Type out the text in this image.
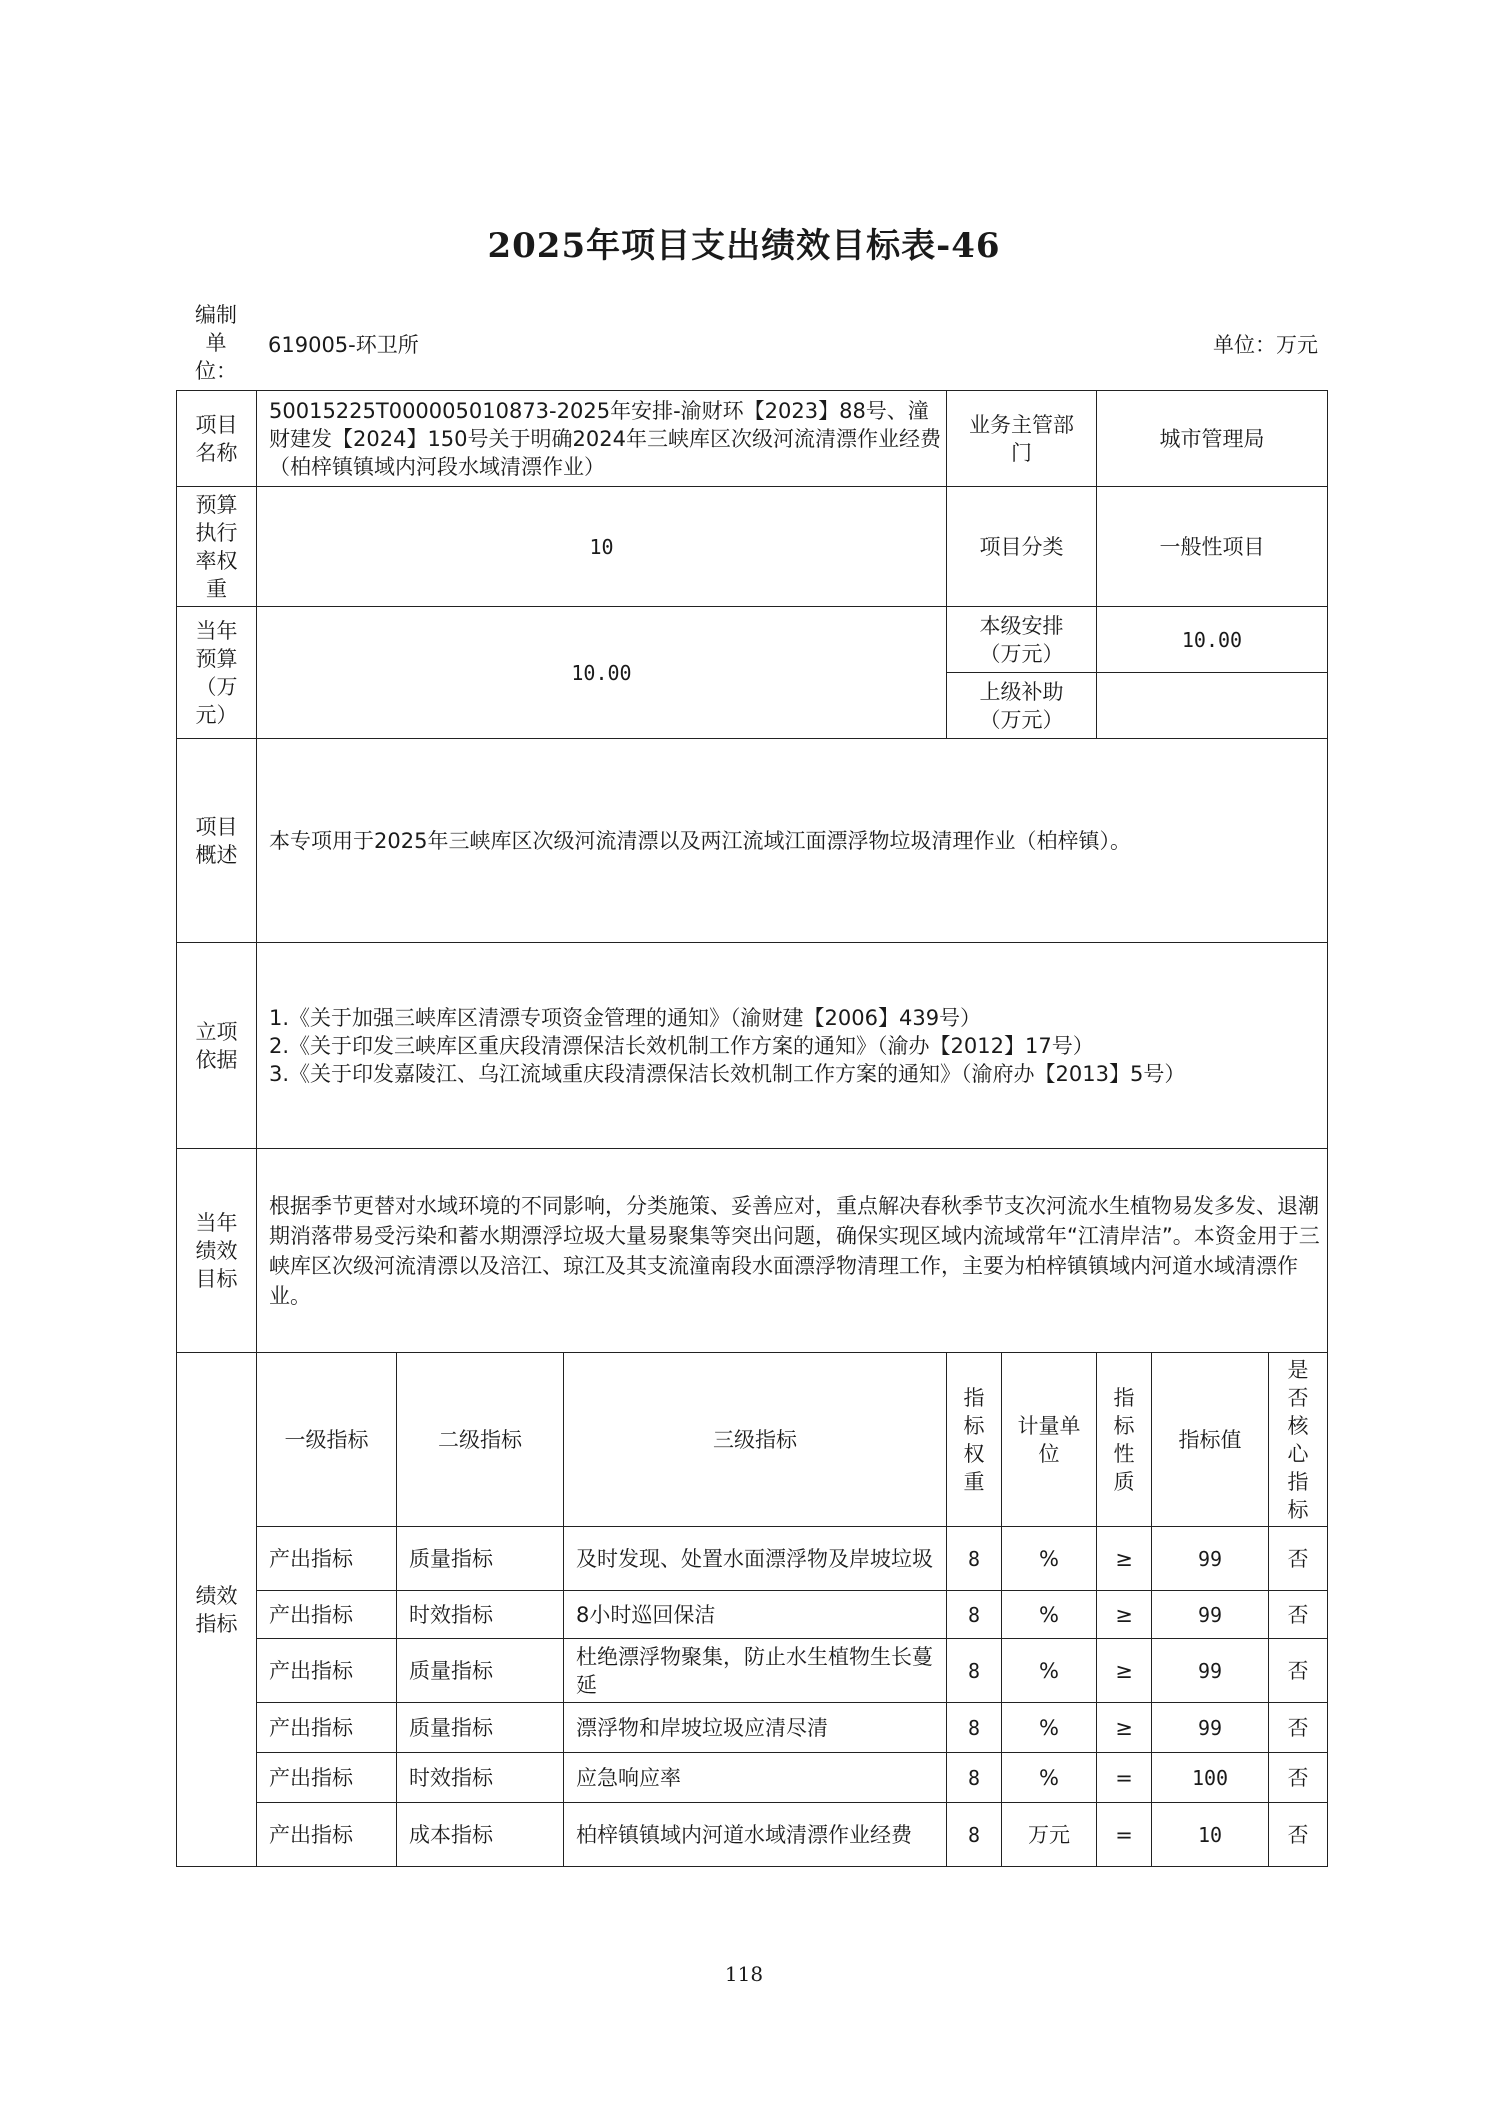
2025年项目支出绩效目标表-46
编制单位：
619005-环卫所	单位：万元
项目名称	50015225T000005010873-2025年安排-渝财环【2023】88号、潼财建发【2024】150号关于明确2024年三峡库区次级河流清漂作业经费（柏梓镇镇域内河段水域清漂作业）			业务主管部门		城市管理局		
预算执行率权重	10			项目分类		一般性项目		
当年预算（万元）	10.00			本级安排（万元）		10.00		
				上级补助（万元）				
项目概述	本专项用于2025年三峡库区次级河流清漂以及两江流域江面漂浮物垃圾清理作业（柏梓镇）。							
立项依据	1.《关于加强三峡库区清漂专项资金管理的通知》（渝财建【2006】439号）
2.《关于印发三峡库区重庆段清漂保洁长效机制工作方案的通知》（渝办【2012】17号）
3.《关于印发嘉陵江、乌江流域重庆段清漂保洁长效机制工作方案的通知》（渝府办【2013】5号）							

当年绩效目标	根据季节更替对水域环境的不同影响，分类施策、妥善应对，重点解决春秋季节支次河流水生植物易发多发、退潮期消落带易受污染和蓄水期漂浮垃圾大量易聚集等突出问题，确保实现区域内流域常年“江清岸洁”。本资金用于三峡库区次级河流清漂以及涪江、琼江及其支流潼南段水面漂浮物清理工作，主要为柏梓镇镇域内河道水域清漂作业。							
绩效指标	一级指标	二级指标	三级指标	指标权重	计量单位	指标性质	指标值	是否核心指标
	产出指标	质量指标	及时发现、处置水面漂浮物及岸坡垃圾	8	%	≥	99	否
	产出指标	时效指标	8小时巡回保洁	8	%	≥	99	否
	产出指标	质量指标	杜绝漂浮物聚集，防止水生植物生长蔓延	8	%	≥	99	否
	产出指标	质量指标	漂浮物和岸坡垃圾应清尽清	8	%	≥	99	否
	产出指标	时效指标	应急响应率	8	%	=	100	否
	产出指标	成本指标	柏梓镇镇域内河道水域清漂作业经费	8	万元	=	10	否
118
